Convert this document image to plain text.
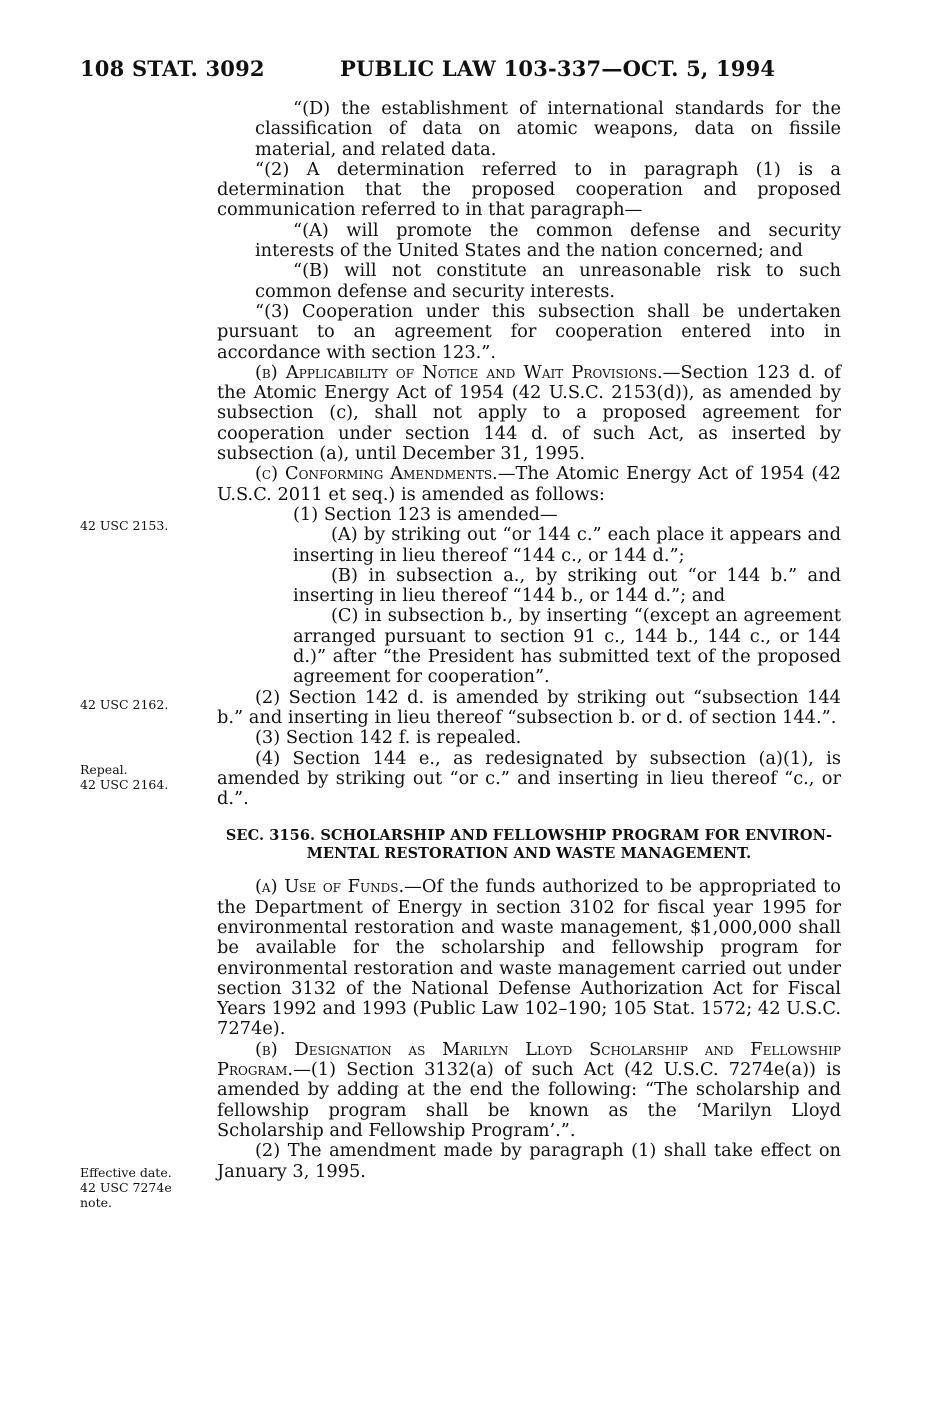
108 STAT. 3092	PUBLIC LAW 103-337—OCT. 5, 1994
42 USC 2153.
42 USC 2162.
Repeal.
42 USC 2164.
Effective date.
42 USC 7274e
note.

“(D) the establishment of international standards for the classification of data on atomic weapons, data on fissile material, and related data.

“(2) A determination referred to in paragraph (1) is a determination that the proposed cooperation and proposed communication referred to in that paragraph—

“(A) will promote the common defense and security interests of the United States and the nation concerned; and

“(B) will not constitute an unreasonable risk to such common defense and security interests.

“(3) Cooperation under this subsection shall be undertaken pursuant to an agreement for cooperation entered into in accordance with section 123.”.

(b) Applicability of Notice and Wait Provisions.—Section 123 d. of the Atomic Energy Act of 1954 (42 U.S.C. 2153(d)), as amended by subsection (c), shall not apply to a proposed agreement for cooperation under section 144 d. of such Act, as inserted by subsection (a), until December 31, 1995.

(c) Conforming Amendments.—The Atomic Energy Act of 1954 (42 U.S.C. 2011 et seq.) is amended as follows:

(1) Section 123 is amended—

(A) by striking out “or 144 c.” each place it appears and inserting in lieu thereof “144 c., or 144 d.”;

(B) in subsection a., by striking out “or 144 b.” and inserting in lieu thereof “144 b., or 144 d.”; and

(C) in subsection b., by inserting “(except an agreement arranged pursuant to section 91 c., 144 b., 144 c., or 144 d.)” after “the President has submitted text of the proposed agreement for cooperation”.

(2) Section 142 d. is amended by striking out “subsection 144 b.” and inserting in lieu thereof “subsection b. or d. of section 144.”.

(3) Section 142 f. is repealed.

(4) Section 144 e., as redesignated by subsection (a)(1), is amended by striking out “or c.” and inserting in lieu thereof “c., or d.”.

SEC. 3156. SCHOLARSHIP AND FELLOWSHIP PROGRAM FOR ENVIRON-
MENTAL RESTORATION AND WASTE MANAGEMENT.

(a) Use of Funds.—Of the funds authorized to be appropriated to the Department of Energy in section 3102 for fiscal year 1995 for environmental restoration and waste management, $1,000,000 shall be available for the scholarship and fellowship program for environmental restoration and waste management carried out under section 3132 of the National Defense Authorization Act for Fiscal Years 1992 and 1993 (Public Law 102–190; 105 Stat. 1572; 42 U.S.C. 7274e).

(b) Designation as Marilyn Lloyd Scholarship and Fellowship Program.—(1) Section 3132(a) of such Act (42 U.S.C. 7274e(a)) is amended by adding at the end the following: “The scholarship and fellowship program shall be known as the ‘Marilyn Lloyd Scholarship and Fellowship Program’.”.

(2) The amendment made by paragraph (1) shall take effect on January 3, 1995.
